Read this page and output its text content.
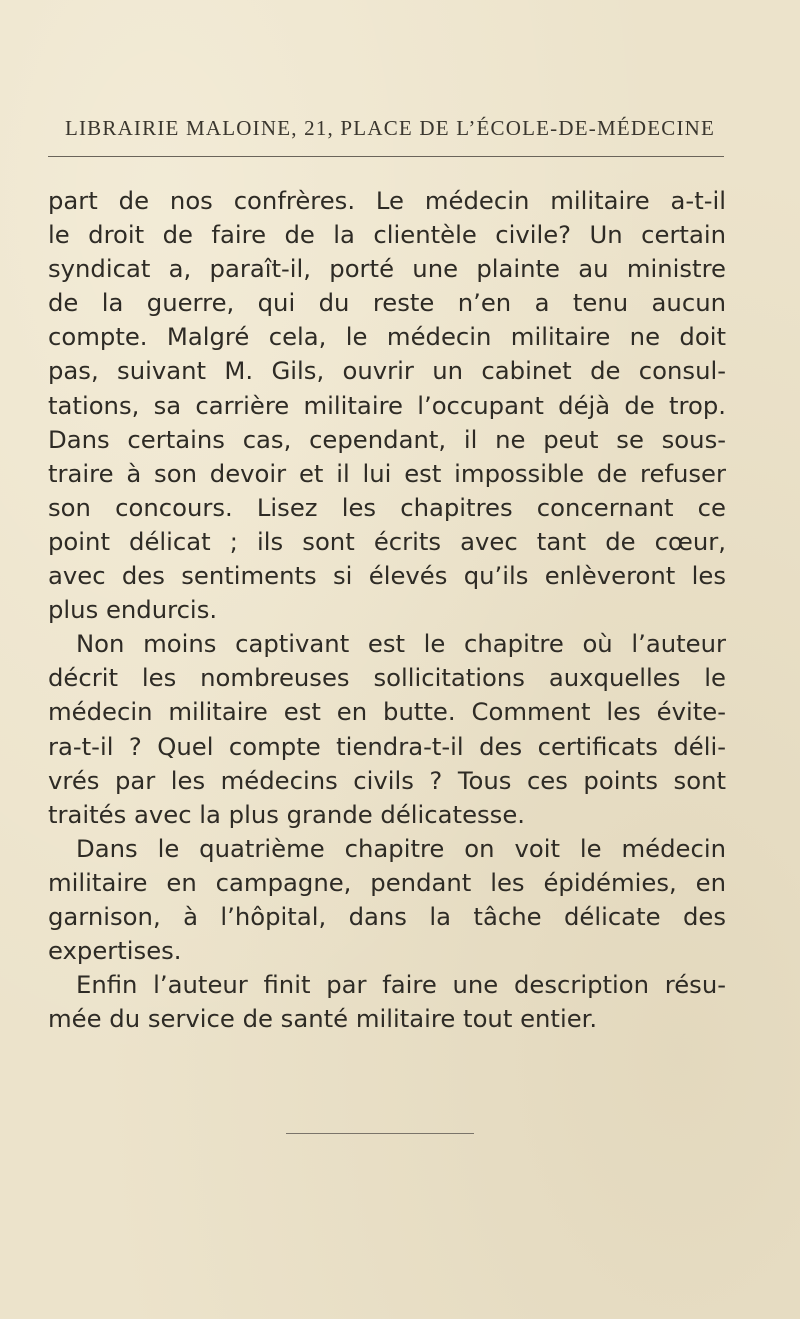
LIBRAIRIE MALOINE, 21, PLACE DE L’ÉCOLE-DE-MÉDECINE
part de nos confrères. Le médecin militaire a-t-il
le droit de faire de la clientèle civile? Un certain
syndicat a, paraît-il, porté une plainte au ministre
de la guerre, qui du reste n’en a tenu aucun
compte. Malgré cela, le médecin militaire ne doit
pas, suivant M. Gils, ouvrir un cabinet de consul-
tations, sa carrière militaire l’occupant déjà de trop.
Dans certains cas, cependant, il ne peut se sous-
traire à son devoir et il lui est impossible de refuser
son concours. Lisez les chapitres concernant ce
point délicat ; ils sont écrits avec tant de cœur,
avec des sentiments si élevés qu’ils enlèveront les
plus endurcis.
Non moins captivant est le chapitre où l’auteur
décrit les nombreuses sollicitations auxquelles le
médecin militaire est en butte. Comment les évite-
ra-t-il ? Quel compte tiendra-t-il des certificats déli-
vrés par les médecins civils ? Tous ces points sont
traités avec la plus grande délicatesse.
Dans le quatrième chapitre on voit le médecin
militaire en campagne, pendant les épidémies, en
garnison, à l’hôpital, dans la tâche délicate des
expertises.
Enfin l’auteur finit par faire une description résu-
mée du service de santé militaire tout entier.
